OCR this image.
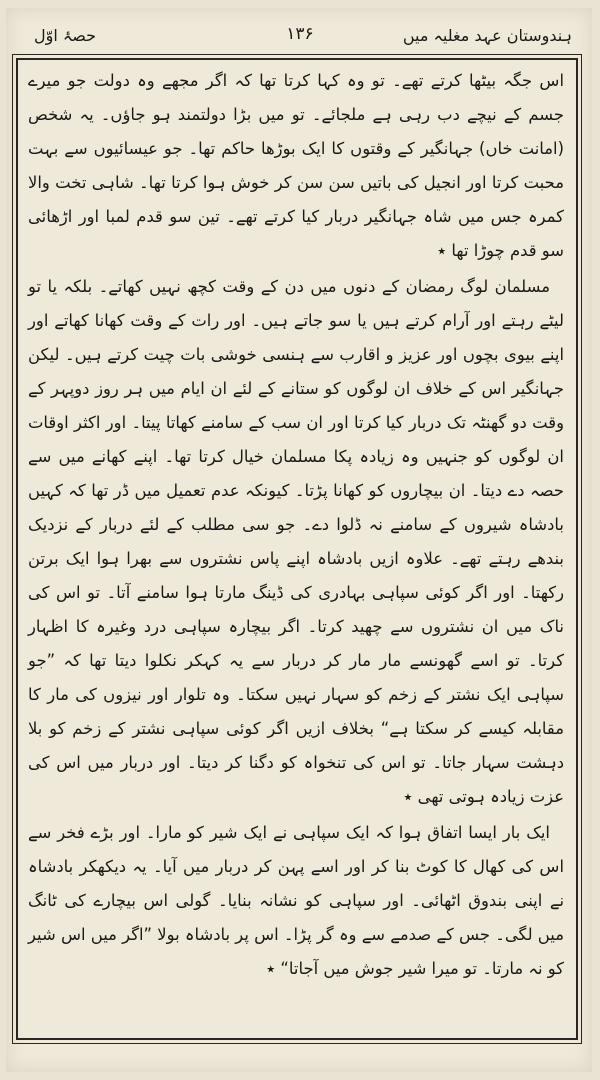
ہندوستان عہد مغلیہ میں
۱۳۶
حصۂ اوّل

اس جگہ بیٹھا کرتے تھے۔ تو وہ کہا کرتا تھا کہ اگر مجھے وہ دولت جو میرے جسم کے نیچے دب رہی ہے ملجائے۔ تو میں بڑا دولتمند ہو جاؤں۔ یہ شخص (امانت خاں) جہانگیر کے وقتوں کا ایک بوڑھا حاکم تھا۔ جو عیسائیوں سے بہت محبت کرتا اور انجیل کی باتیں سن سن کر خوش ہوا کرتا تھا۔ شاہی تخت والا کمرہ جس میں شاہ جہانگیر دربار کیا کرتے تھے۔ تین سو قدم لمبا اور اڑھائی سو قدم چوڑا تھا ٭

مسلمان لوگ رمضان کے دنوں میں دن کے وقت کچھ نہیں کھاتے۔ بلکہ یا تو لیٹے رہتے اور آرام کرتے ہیں یا سو جاتے ہیں۔ اور رات کے وقت کھانا کھاتے اور اپنے بیوی بچوں اور عزیز و اقارب سے ہنسی خوشی بات چیت کرتے ہیں۔ لیکن جہانگیر اس کے خلاف ان لوگوں کو ستانے کے لئے ان ایام میں ہر روز دوپہر کے وقت دو گھنٹہ تک دربار کیا کرتا اور ان سب کے سامنے کھاتا پیتا۔ اور اکثر اوقات ان لوگوں کو جنہیں وہ زیادہ پکا مسلمان خیال کرتا تھا۔ اپنے کھانے میں سے حصہ دے دیتا۔ ان بیچاروں کو کھانا پڑتا۔ کیونکہ عدم تعمیل میں ڈر تھا کہ کہیں بادشاہ شیروں کے سامنے نہ ڈلوا دے۔ جو سی مطلب کے لئے دربار کے نزدیک بندھے رہتے تھے۔ علاوہ ازیں بادشاہ اپنے پاس نشتروں سے بھرا ہوا ایک برتن رکھتا۔ اور اگر کوئی سپاہی بہادری کی ڈینگ مارتا ہوا سامنے آتا۔ تو اس کی ناک میں ان نشتروں سے چھید کرتا۔ اگر بیچارہ سپاہی درد وغیرہ کا اظہار کرتا۔ تو اسے گھونسے مار مار کر دربار سے یہ کہکر نکلوا دیتا تھا کہ ”جو سپاہی ایک نشتر کے زخم کو سہار نہیں سکتا۔ وہ تلوار اور نیزوں کی مار کا مقابلہ کیسے کر سکتا ہے“ بخلاف ازیں اگر کوئی سپاہی نشتر کے زخم کو بلا دہشت سہار جاتا۔ تو اس کی تنخواہ کو دگنا کر دیتا۔ اور دربار میں اس کی عزت زیادہ ہوتی تھی ٭

ایک بار ایسا اتفاق ہوا کہ ایک سپاہی نے ایک شیر کو مارا۔ اور بڑے فخر سے اس کی کھال کا کوٹ بنا کر اور اسے پہن کر دربار میں آیا۔ یہ دیکھکر بادشاہ نے اپنی بندوق اٹھائی۔ اور سپاہی کو نشانہ بنایا۔ گولی اس بیچارے کی ٹانگ میں لگی۔ جس کے صدمے سے وہ گر پڑا۔ اس پر بادشاہ بولا ”اگر میں اس شیر کو نہ مارتا۔ تو میرا شیر جوش میں آجاتا“ ٭
